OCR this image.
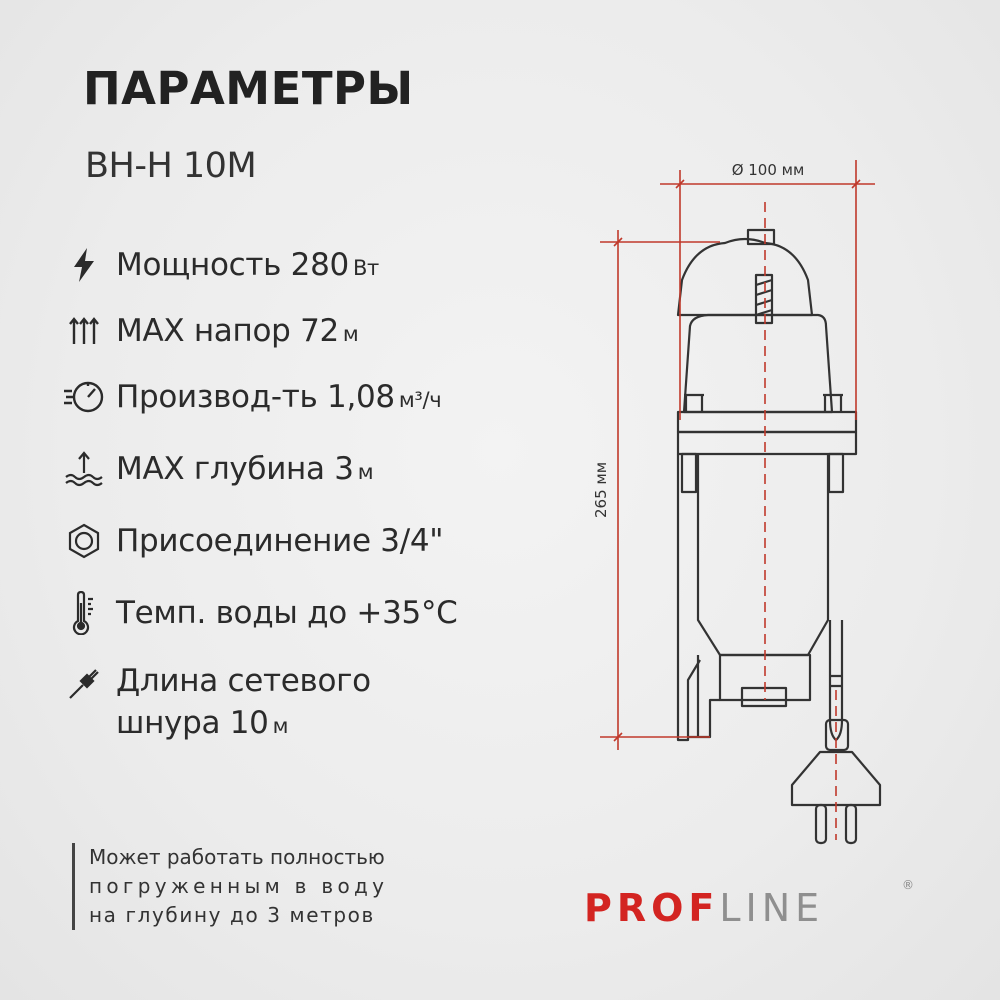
ПАРАМЕТРЫ
ВН-Н 10М
Мощность 280 Вт
MAX напор 72 м
Производ-ть 1,08 м³/ч
MAX глубина 3 м
Присоединение 3/4"
Темп. воды до +35°С
Длина сетевого
шнура 10 м
Может работать полностью
погруженным в воду
на глубину до 3 метров	PROFLINE
®
Ø 100 мм
265 мм
